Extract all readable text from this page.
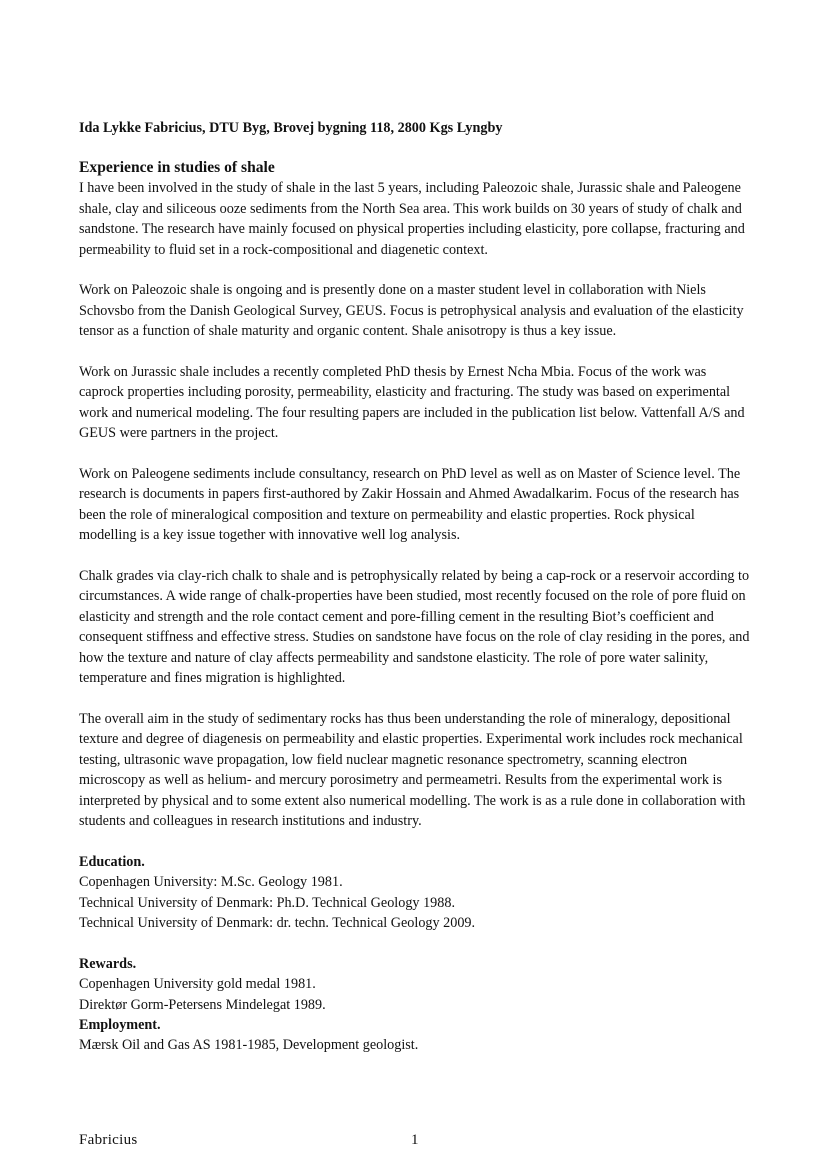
Ida Lykke Fabricius, DTU Byg, Brovej bygning 118, 2800 Kgs Lyngby
Experience in studies of shale

I have been involved in the study of shale in the last 5 years, including Paleozoic shale, Jurassic shale and Paleogene shale, clay and siliceous ooze sediments from the North Sea area. This work builds on 30 years of study of chalk and sandstone. The research have mainly focused on physical properties including elasticity, pore collapse, fracturing and permeability to fluid set in a rock-compositional and diagenetic context.

Work on Paleozoic shale is ongoing and is presently done on a master student level in collaboration with Niels Schovsbo from the Danish Geological Survey, GEUS. Focus is petrophysical analysis and evaluation of the elasticity tensor as a function of shale maturity and organic content. Shale anisotropy is thus a key issue.

Work on Jurassic shale includes a recently completed PhD thesis by Ernest Ncha Mbia. Focus of the work was caprock properties including porosity, permeability, elasticity and fracturing. The study was based on experimental work and numerical modeling. The four resulting papers are included in the publication list below. Vattenfall A/S and GEUS were partners in the project.

Work on Paleogene sediments include consultancy, research on PhD level as well as on Master of Science level. The research is documents in papers first-authored by Zakir Hossain and Ahmed Awadalkarim. Focus of the research has been the role of mineralogical composition and texture on permeability and elastic properties. Rock physical modelling is a key issue together with innovative well log analysis.

Chalk grades via clay-rich chalk to shale and is petrophysically related by being a cap-rock or a reservoir according to circumstances. A wide range of chalk-properties have been studied, most recently focused on the role of pore fluid on elasticity and strength and the role contact cement and pore-filling cement in the resulting Biot’s coefficient and consequent stiffness and effective stress. Studies on sandstone have focus on the role of clay residing in the pores, and how the texture and nature of clay affects permeability and sandstone elasticity. The role of pore water salinity, temperature and fines migration is highlighted.

The overall aim in the study of sedimentary rocks has thus been understanding the role of mineralogy, depositional texture and degree of diagenesis on permeability and elastic properties. Experimental work includes rock mechanical testing, ultrasonic wave propagation, low field nuclear magnetic resonance spectrometry, scanning electron microscopy as well as helium- and mercury porosimetry and permeametri. Results from the experimental work is interpreted by physical and to some extent also numerical modelling. The work is as a rule done in collaboration with students and colleagues in research institutions and industry.

Education.
Copenhagen University: M.Sc. Geology 1981.
Technical University of Denmark: Ph.D. Technical Geology 1988.
Technical University of Denmark: dr. techn. Technical Geology 2009.
Rewards.
Copenhagen University gold medal 1981.
Direktør Gorm-Petersens Mindelegat 1989.
Employment.
Mærsk Oil and Gas AS 1981-1985, Development geologist.
Fabricius	1
